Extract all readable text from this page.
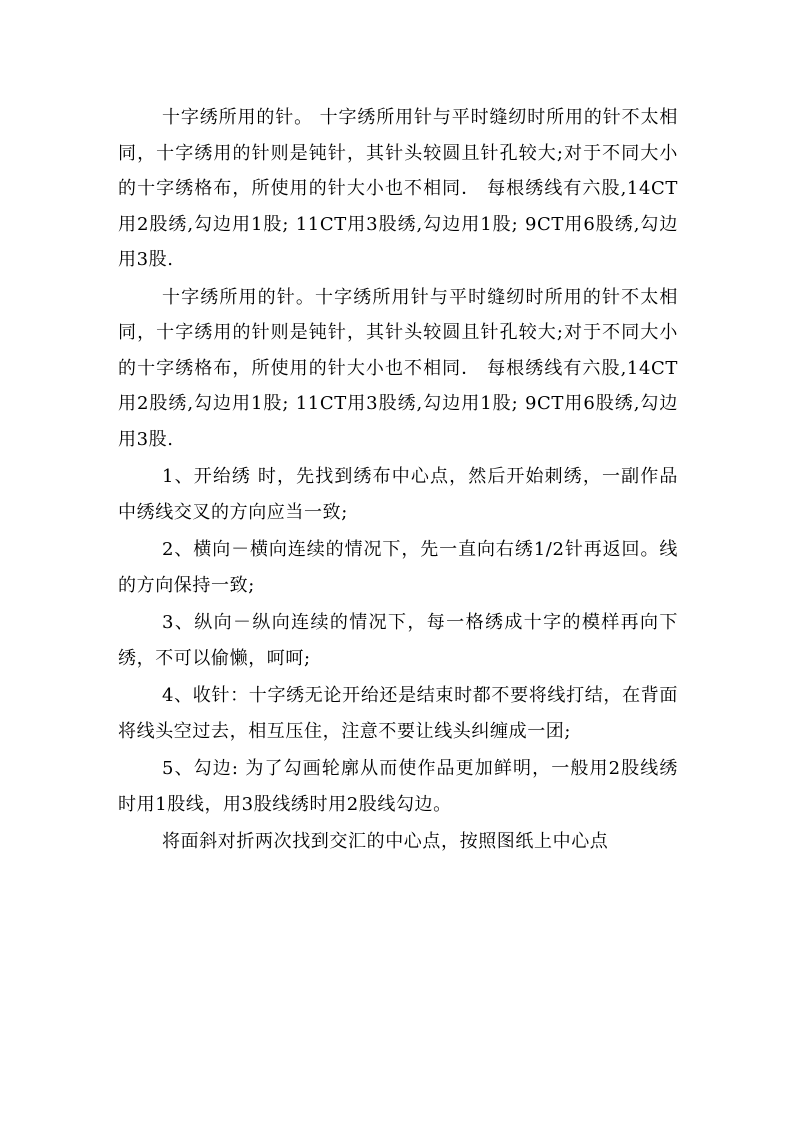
十字绣所用的针。 十字绣所用针与平时缝纫时所用的针不太相同，十字绣用的针则是钝针，其针头较圆且针孔较大;对于不同大小的十字绣格布，所使用的针大小也不相同． 每根绣线有六股,14CT用2股绣,勾边用1股; 11CT用3股绣,勾边用1股; 9CT用6股绣,勾边用3股.

十字绣所用的针。十字绣所用针与平时缝纫时所用的针不太相同，十字绣用的针则是钝针，其针头较圆且针孔较大;对于不同大小的十字绣格布，所使用的针大小也不相同． 每根绣线有六股,14CT用2股绣,勾边用1股; 11CT用3股绣,勾边用1股; 9CT用6股绣,勾边用3股.

1、开绐绣 时，先找到绣布中心点，然后开始刺绣，一副作品中绣线交叉的方向应当一致;

2、横向－横向连续的情况下，先一直向右绣1/2针再返回。线的方向保持一致;

3、纵向－纵向连续的情况下，每一格绣成十字的模样再向下绣，不可以偷懒，呵呵;

4、收针：十字绣无论开绐还是结束时都不要将线打结，在背面将线头空过去，相互压住，注意不要让线头纠缠成一团;

5、勾边: 为了勾画轮廓从而使作品更加鲜明，一般用2股线绣时用1股线，用3股线绣时用2股线勾边。

将面斜对折两次找到交汇的中心点，按照图纸上中心点
